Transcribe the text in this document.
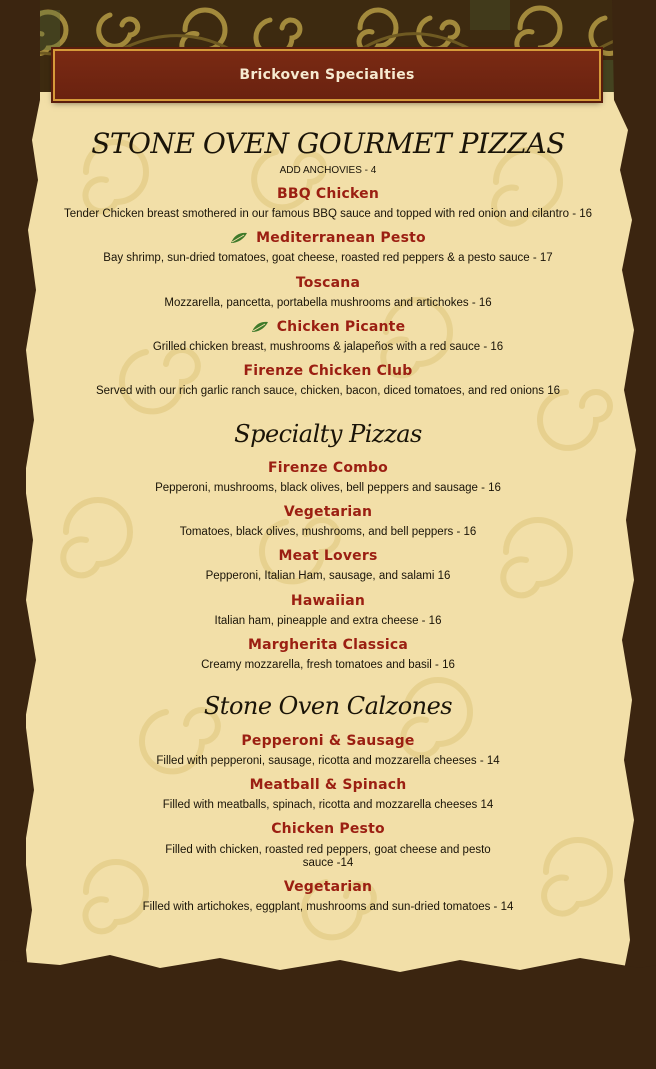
Brickoven Specialties
STONE OVEN GOURMET PIZZAS
ADD ANCHOVIES - 4
BBQ Chicken
Tender Chicken breast smothered in our famous BBQ sauce and topped with red onion and cilantro - 16
Mediterranean Pesto
Bay shrimp, sun-dried tomatoes, goat cheese, roasted red peppers & a pesto sauce - 17
Toscana
Mozzarella, pancetta, portabella mushrooms and artichokes - 16
Chicken Picante
Grilled chicken breast, mushrooms & jalapeños with a red sauce - 16
Firenze Chicken Club
Served with our rich garlic ranch sauce, chicken, bacon, diced tomatoes, and red onions 16
Specialty Pizzas
Firenze Combo
Pepperoni, mushrooms, black olives, bell peppers and sausage - 16
Vegetarian
Tomatoes, black olives, mushrooms, and bell peppers - 16
Meat Lovers
Pepperoni, Italian Ham, sausage, and salami 16
Hawaiian
Italian ham, pineapple and extra cheese - 16
Margherita Classica
Creamy mozzarella, fresh tomatoes and basil - 16
Stone Oven Calzones
Pepperoni & Sausage
Filled with pepperoni, sausage, ricotta and mozzarella cheeses - 14
Meatball & Spinach
Filled with meatballs, spinach, ricotta and mozzarella cheeses 14
Chicken Pesto
Filled with chicken, roasted red peppers, goat cheese and pesto sauce -14
Vegetarian
Filled with artichokes, eggplant, mushrooms and sun-dried tomatoes - 14
